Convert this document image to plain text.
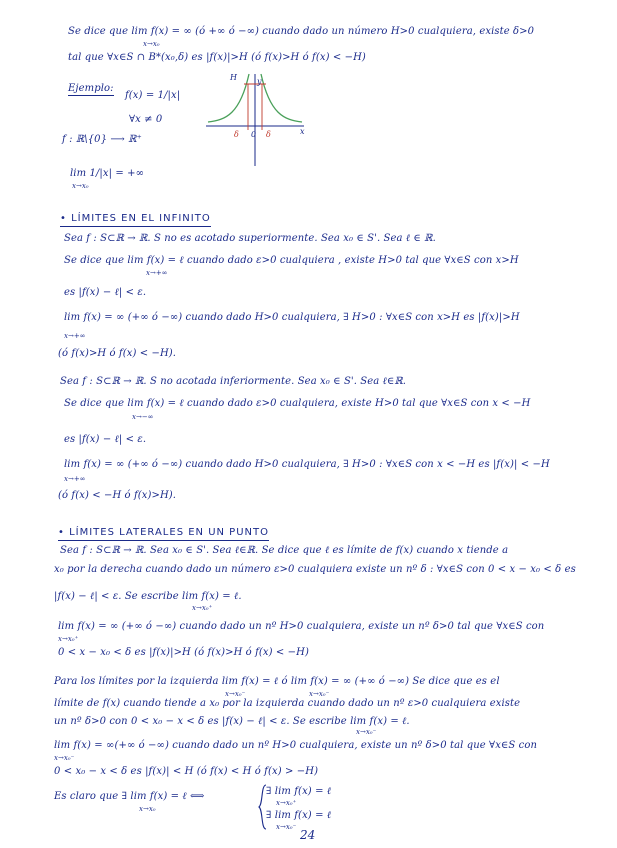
Se dice que lim f(x) = ∞ (ó +∞ ó −∞) cuando dado un número H>0 cualquiera, existe δ>0
x→x₀
tal que ∀x∈S ∩ B*(x₀,δ) es |f(x)|>H (ó f(x)>H ó f(x) < −H)
Ejemplo:
f(x) = 1/|x|
∀x ≠ 0
f : ℝ\{0} ⟶ ℝ⁺
lim 1/|x| = +∞
x→x₀
H	y
x
δ 0 δ
• LÍMITES EN EL INFINITO
Sea f : S⊂ℝ → ℝ. S no es acotado superiormente. Sea x₀ ∈ S'. Sea ℓ ∈ ℝ.
Se dice que lim f(x) = ℓ cuando dado ε>0 cualquiera , existe H>0 tal que ∀x∈S con x>H
x→+∞
es |f(x) − ℓ| < ε.
lim f(x) = ∞ (+∞ ó −∞) cuando dado H>0 cualquiera, ∃ H>0 : ∀x∈S con x>H es |f(x)|>H
x→+∞
(ó f(x)>H ó f(x) < −H).
Sea f : S⊂ℝ → ℝ. S no acotada inferiormente. Sea x₀ ∈ S'. Sea ℓ∈ℝ.
Se dice que lim f(x) = ℓ cuando dado ε>0 cualquiera, existe H>0 tal que ∀x∈S con x < −H
x→−∞
es |f(x) − ℓ| < ε.
lim f(x) = ∞ (+∞ ó −∞) cuando dado H>0 cualquiera, ∃ H>0 : ∀x∈S con x < −H es |f(x)| < −H
x→+∞
(ó f(x) < −H ó f(x)>H).
• LÍMITES LATERALES EN UN PUNTO
Sea f : S⊂ℝ → ℝ. Sea x₀ ∈ S'. Sea ℓ∈ℝ. Se dice que ℓ es límite de f(x) cuando x tiende a
x₀ por la derecha cuando dado un número ε>0 cualquiera existe un nº δ : ∀x∈S con 0 < x − x₀ < δ es
|f(x) − ℓ| < ε. Se escribe lim f(x) = ℓ.
x→x₀⁺
lim f(x) = ∞ (+∞ ó −∞) cuando dado un nº H>0 cualquiera, existe un nº δ>0 tal que ∀x∈S con
x→x₀⁺
0 < x − x₀ < δ es |f(x)|>H (ó f(x)>H ó f(x) < −H)
Para los límites por la izquierda lim f(x) = ℓ ó lim f(x) = ∞ (+∞ ó −∞) Se dice que es el
x→x₀⁻	x→x₀⁻
límite de f(x) cuando tiende a x₀ por la izquierda cuando dado un nº ε>0 cualquiera existe
un nº δ>0 con 0 < x₀ − x < δ es |f(x) − ℓ| < ε. Se escribe lim f(x) = ℓ.
x→x₀⁻
lim f(x) = ∞(+∞ ó −∞) cuando dado un nº H>0 cualquiera, existe un nº δ>0 tal que ∀x∈S con
x→x₀⁻
0 < x₀ − x < δ es |f(x)| < H (ó f(x) < H ó f(x) > −H)
Es claro que ∃ lim f(x) = ℓ ⟺
x→x₀
∃ lim f(x) = ℓ
x→x₀⁺
∃ lim f(x) = ℓ
x→x₀⁻
24
